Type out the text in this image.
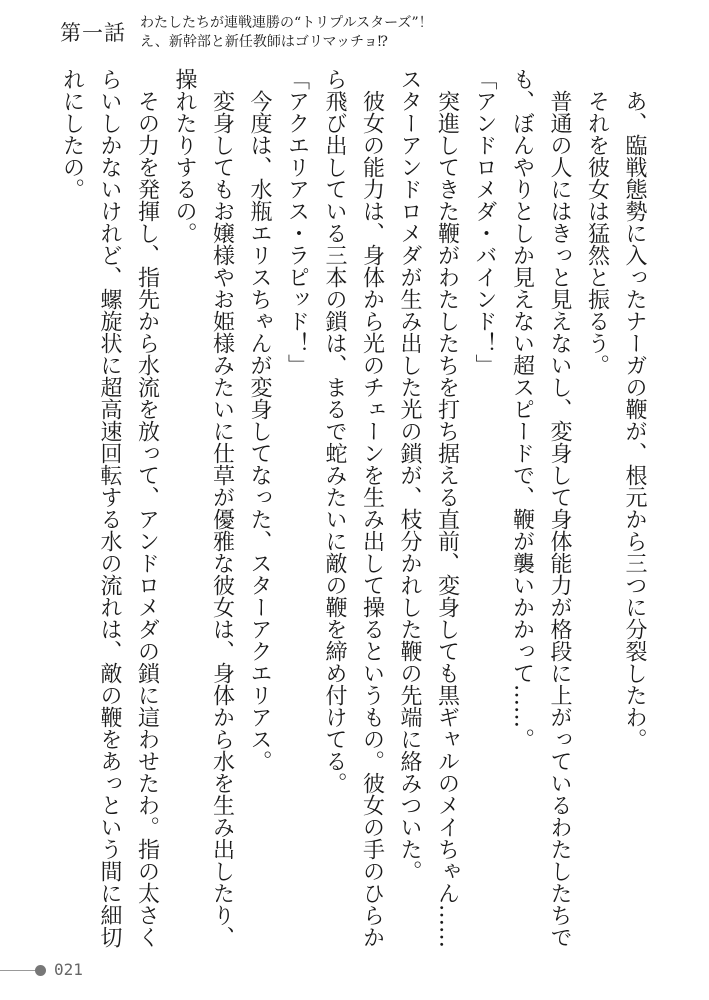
第一話 わたしたちが連戦連勝の“トリプルスターズ”！
え、新幹部と新任教師はゴリマッチョ⁉
　あ、臨戦態勢に入ったナーガの鞭が、根元から三つに分裂したわ。
　それを彼女は猛然と振るう。
　普通の人にはきっと見えないし、変身して身体能力が格段に上がっているわたしたちで
も、ぼんやりとしか見えない超スピードで、鞭が襲いかかって……。
「アンドロメダ・バインド！」
　突進してきた鞭がわたしたちを打ち据える直前、変身しても黒ギャルのメイちゃん……
スターアンドロメダが生み出した光の鎖が、枝分かれした鞭の先端に絡みついた。
　彼女の能力は、身体から光のチェーンを生み出して操るというもの。彼女の手のひらか
ら飛び出している三本の鎖は、まるで蛇みたいに敵の鞭を締め付けてる。
「アクエリアス・ラピッド！」
　今度は、水瓶エリスちゃんが変身してなった、スターアクエリアス。
　変身してもお嬢様やお姫様みたいに仕草が優雅な彼女は、身体から水を生み出したり、
操れたりするの。
　その力を発揮し、指先から水流を放って、アンドロメダの鎖に這わせたわ。指の太さく
らいしかないけれど、螺旋状に超高速回転する水の流れは、敵の鞭をあっという間に細切
れにしたの。
021
